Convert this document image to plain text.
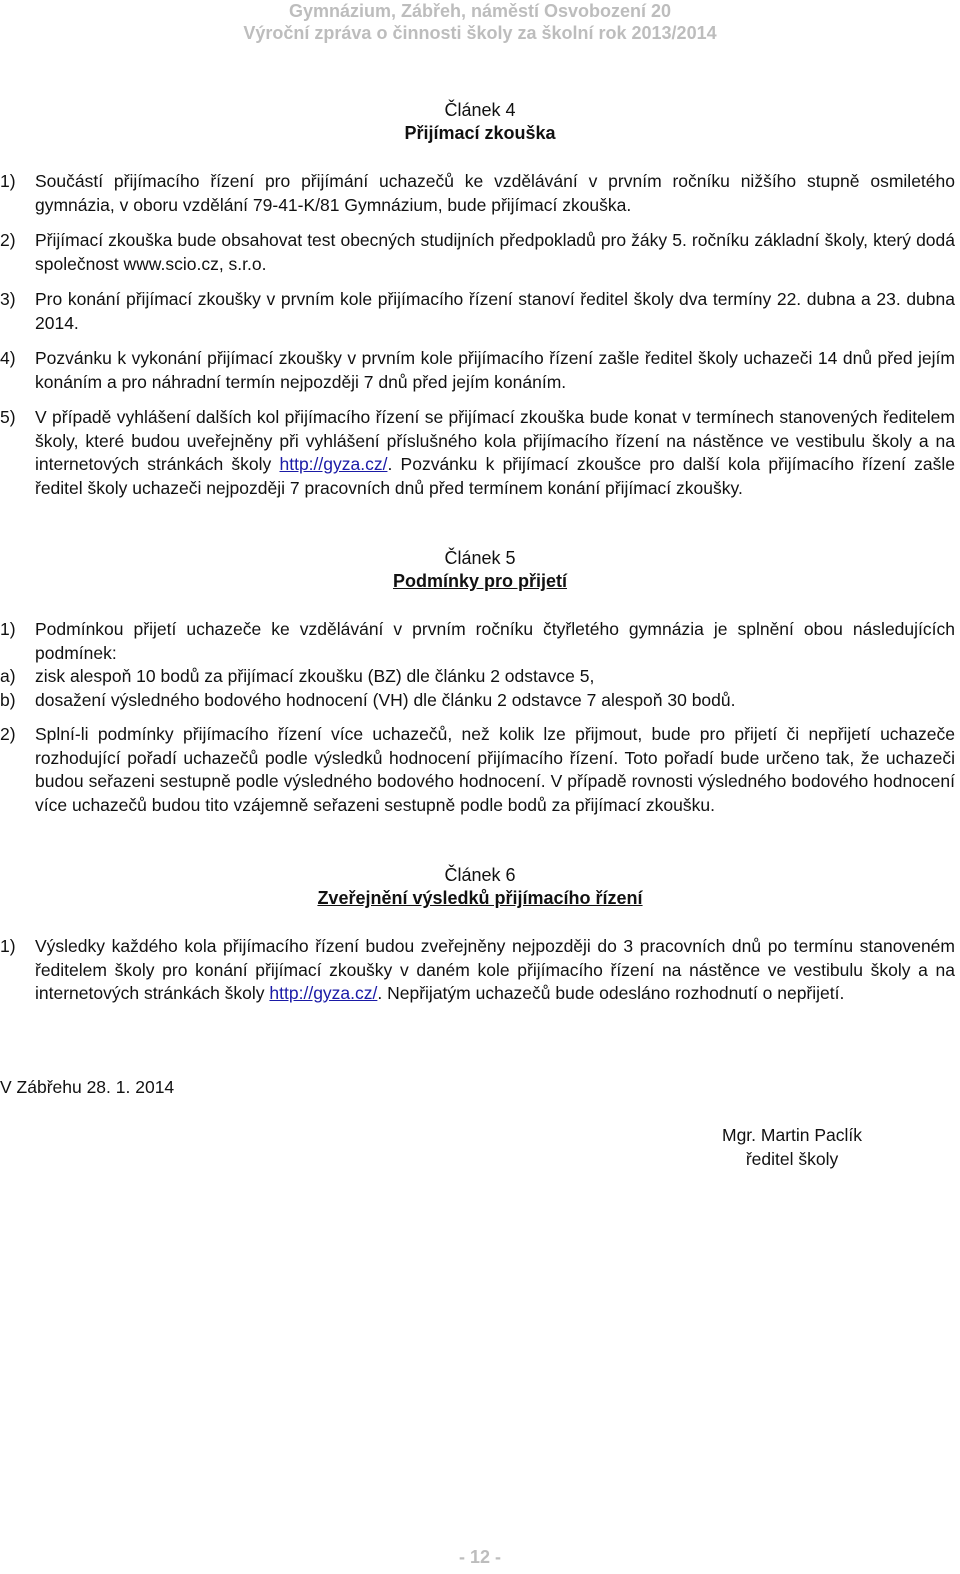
Gymnázium, Zábřeh, náměstí Osvobození 20
Výroční zpráva o činnosti školy za školní rok 2013/2014
Článek 4
Přijímací zkouška
1) Součástí přijímacího řízení pro přijímání uchazečů ke vzdělávání v prvním ročníku nižšího stupně osmiletého gymnázia, v oboru vzdělání 79-41-K/81 Gymnázium, bude přijímací zkouška.
2) Přijímací zkouška bude obsahovat test obecných studijních předpokladů pro žáky 5. ročníku základní školy, který dodá společnost www.scio.cz, s.r.o.
3) Pro konání přijímací zkoušky v prvním kole přijímacího řízení stanoví ředitel školy dva termíny 22. dubna a 23. dubna 2014.
4) Pozvánku k vykonání přijímací zkoušky v prvním kole přijímacího řízení zašle ředitel školy uchazeči 14 dnů před jejím konáním a pro náhradní termín nejpozději 7 dnů před jejím konáním.
5) V případě vyhlášení dalších kol přijímacího řízení se přijímací zkouška bude konat v termínech stanovených ředitelem školy, které budou uveřejněny při vyhlášení příslušného kola přijímacího řízení na nástěnce ve vestibulu školy a na internetových stránkách školy http://gyza.cz/. Pozvánku k přijímací zkoušce pro další kola přijímacího řízení zašle ředitel školy uchazeči nejpozději 7 pracovních dnů před termínem konání přijímací zkoušky.
Článek 5
Podmínky pro přijetí
1) Podmínkou přijetí uchazeče ke vzdělávání v prvním ročníku čtyřletého gymnázia je splnění obou následujících podmínek:
a) zisk alespoň 10 bodů za přijímací zkoušku (BZ) dle článku 2 odstavce 5,
b) dosažení výsledného bodového hodnocení (VH) dle článku 2 odstavce 7 alespoň 30 bodů.
2) Splní-li podmínky přijímacího řízení více uchazečů, než kolik lze přijmout, bude pro přijetí či nepřijetí uchazeče rozhodující pořadí uchazečů podle výsledků hodnocení přijímacího řízení. Toto pořadí bude určeno tak, že uchazeči budou seřazeni sestupně podle výsledného bodového hodnocení. V případě rovnosti výsledného bodového hodnocení více uchazečů budou tito vzájemně seřazeni sestupně podle bodů za přijímací zkoušku.
Článek 6
Zveřejnění výsledků přijímacího řízení
1) Výsledky každého kola přijímacího řízení budou zveřejněny nejpozději do 3 pracovních dnů po termínu stanoveném ředitelem školy pro konání přijímací zkoušky v daném kole přijímacího řízení na nástěnce ve vestibulu školy a na internetových stránkách školy http://gyza.cz/. Nepřijatým uchazečů bude odesláno rozhodnutí o nepřijetí.
V Zábřehu 28. 1. 2014
Mgr. Martin Paclík
ředitel školy
- 12 -
